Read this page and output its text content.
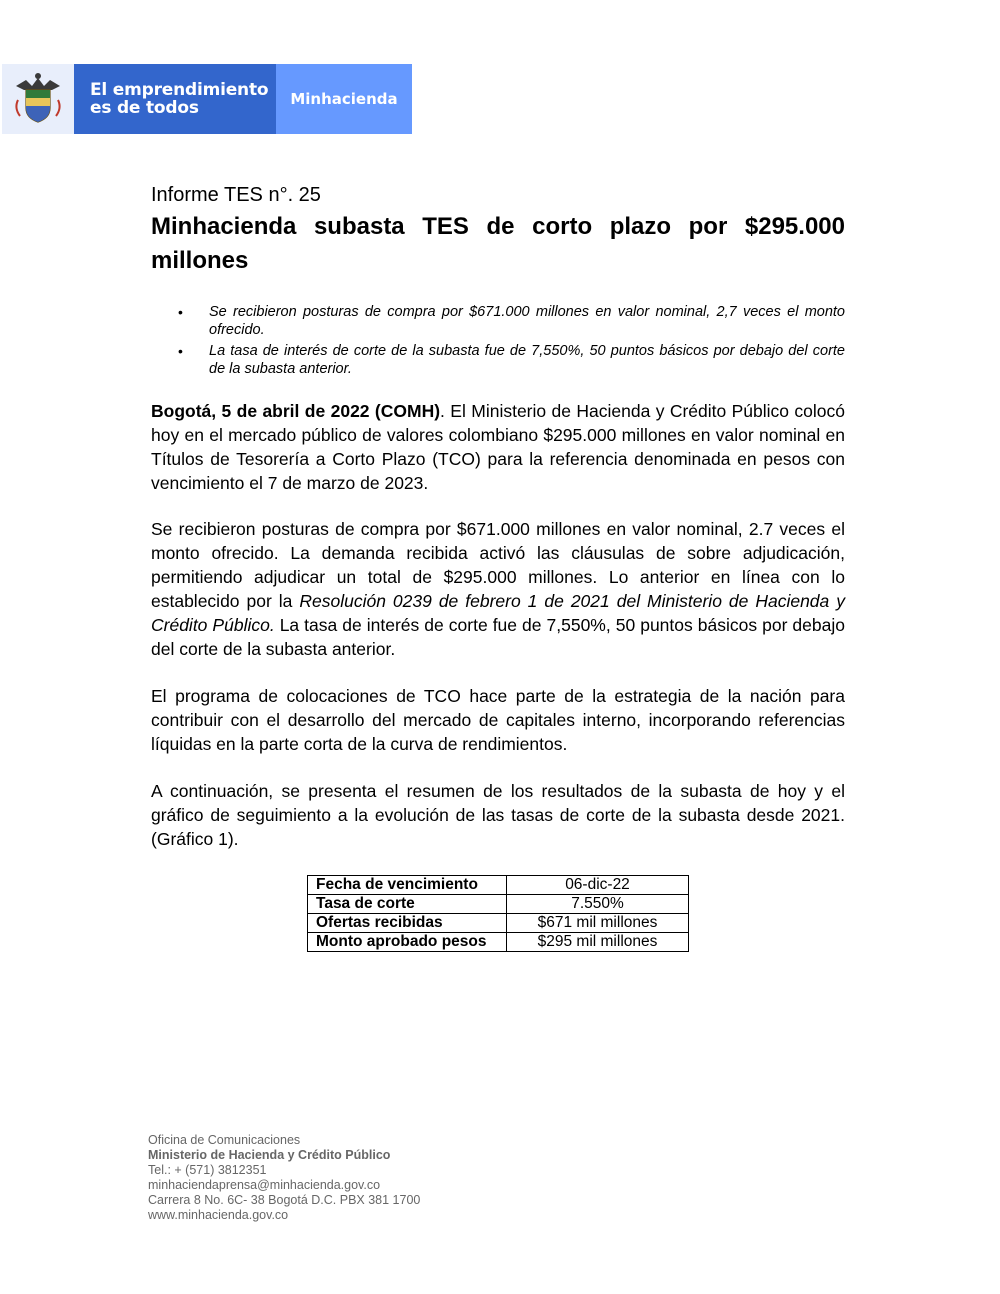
El emprendimiento
es de todos	Minhacienda
Informe TES n°. 25
Minhacienda subasta TES de corto plazo por $295.000 millones
• Se recibieron posturas de compra por $671.000 millones en valor nominal, 2,7 veces el monto ofrecido.
• La tasa de interés de corte de la subasta fue de 7,550%, 50 puntos básicos por debajo del corte de la subasta anterior.

Bogotá, 5 de abril de 2022 (COMH). El Ministerio de Hacienda y Crédito Público colocó hoy en el mercado público de valores colombiano $295.000 millones en valor nominal en Títulos de Tesorería a Corto Plazo (TCO) para la referencia denominada en pesos con vencimiento el 7 de marzo de 2023.

Se recibieron posturas de compra por $671.000 millones en valor nominal, 2.7 veces el monto ofrecido. La demanda recibida activó las cláusulas de sobre adjudicación, permitiendo adjudicar un total de $295.000 millones. Lo anterior en línea con lo establecido por la Resolución 0239 de febrero 1 de 2021 del Ministerio de Hacienda y Crédito Público. La tasa de interés de corte fue de 7,550%, 50 puntos básicos por debajo del corte de la subasta anterior.

El programa de colocaciones de TCO hace parte de la estrategia de la nación para contribuir con el desarrollo del mercado de capitales interno, incorporando referencias líquidas en la parte corta de la curva de rendimientos.

A continuación, se presenta el resumen de los resultados de la subasta de hoy y el gráfico de seguimiento a la evolución de las tasas de corte de la subasta desde 2021. (Gráfico 1).

Fecha de vencimiento	06-dic-22
Tasa de corte	7.550%
Ofertas recibidas	$671 mil millones
Monto aprobado pesos	$295 mil millones
Oficina de Comunicaciones
Ministerio de Hacienda y Crédito Público
Tel.: + (571) 3812351
minhaciendaprensa@minhacienda.gov.co
Carrera 8 No. 6C- 38 Bogotá D.C. PBX 381 1700
www.minhacienda.gov.co
